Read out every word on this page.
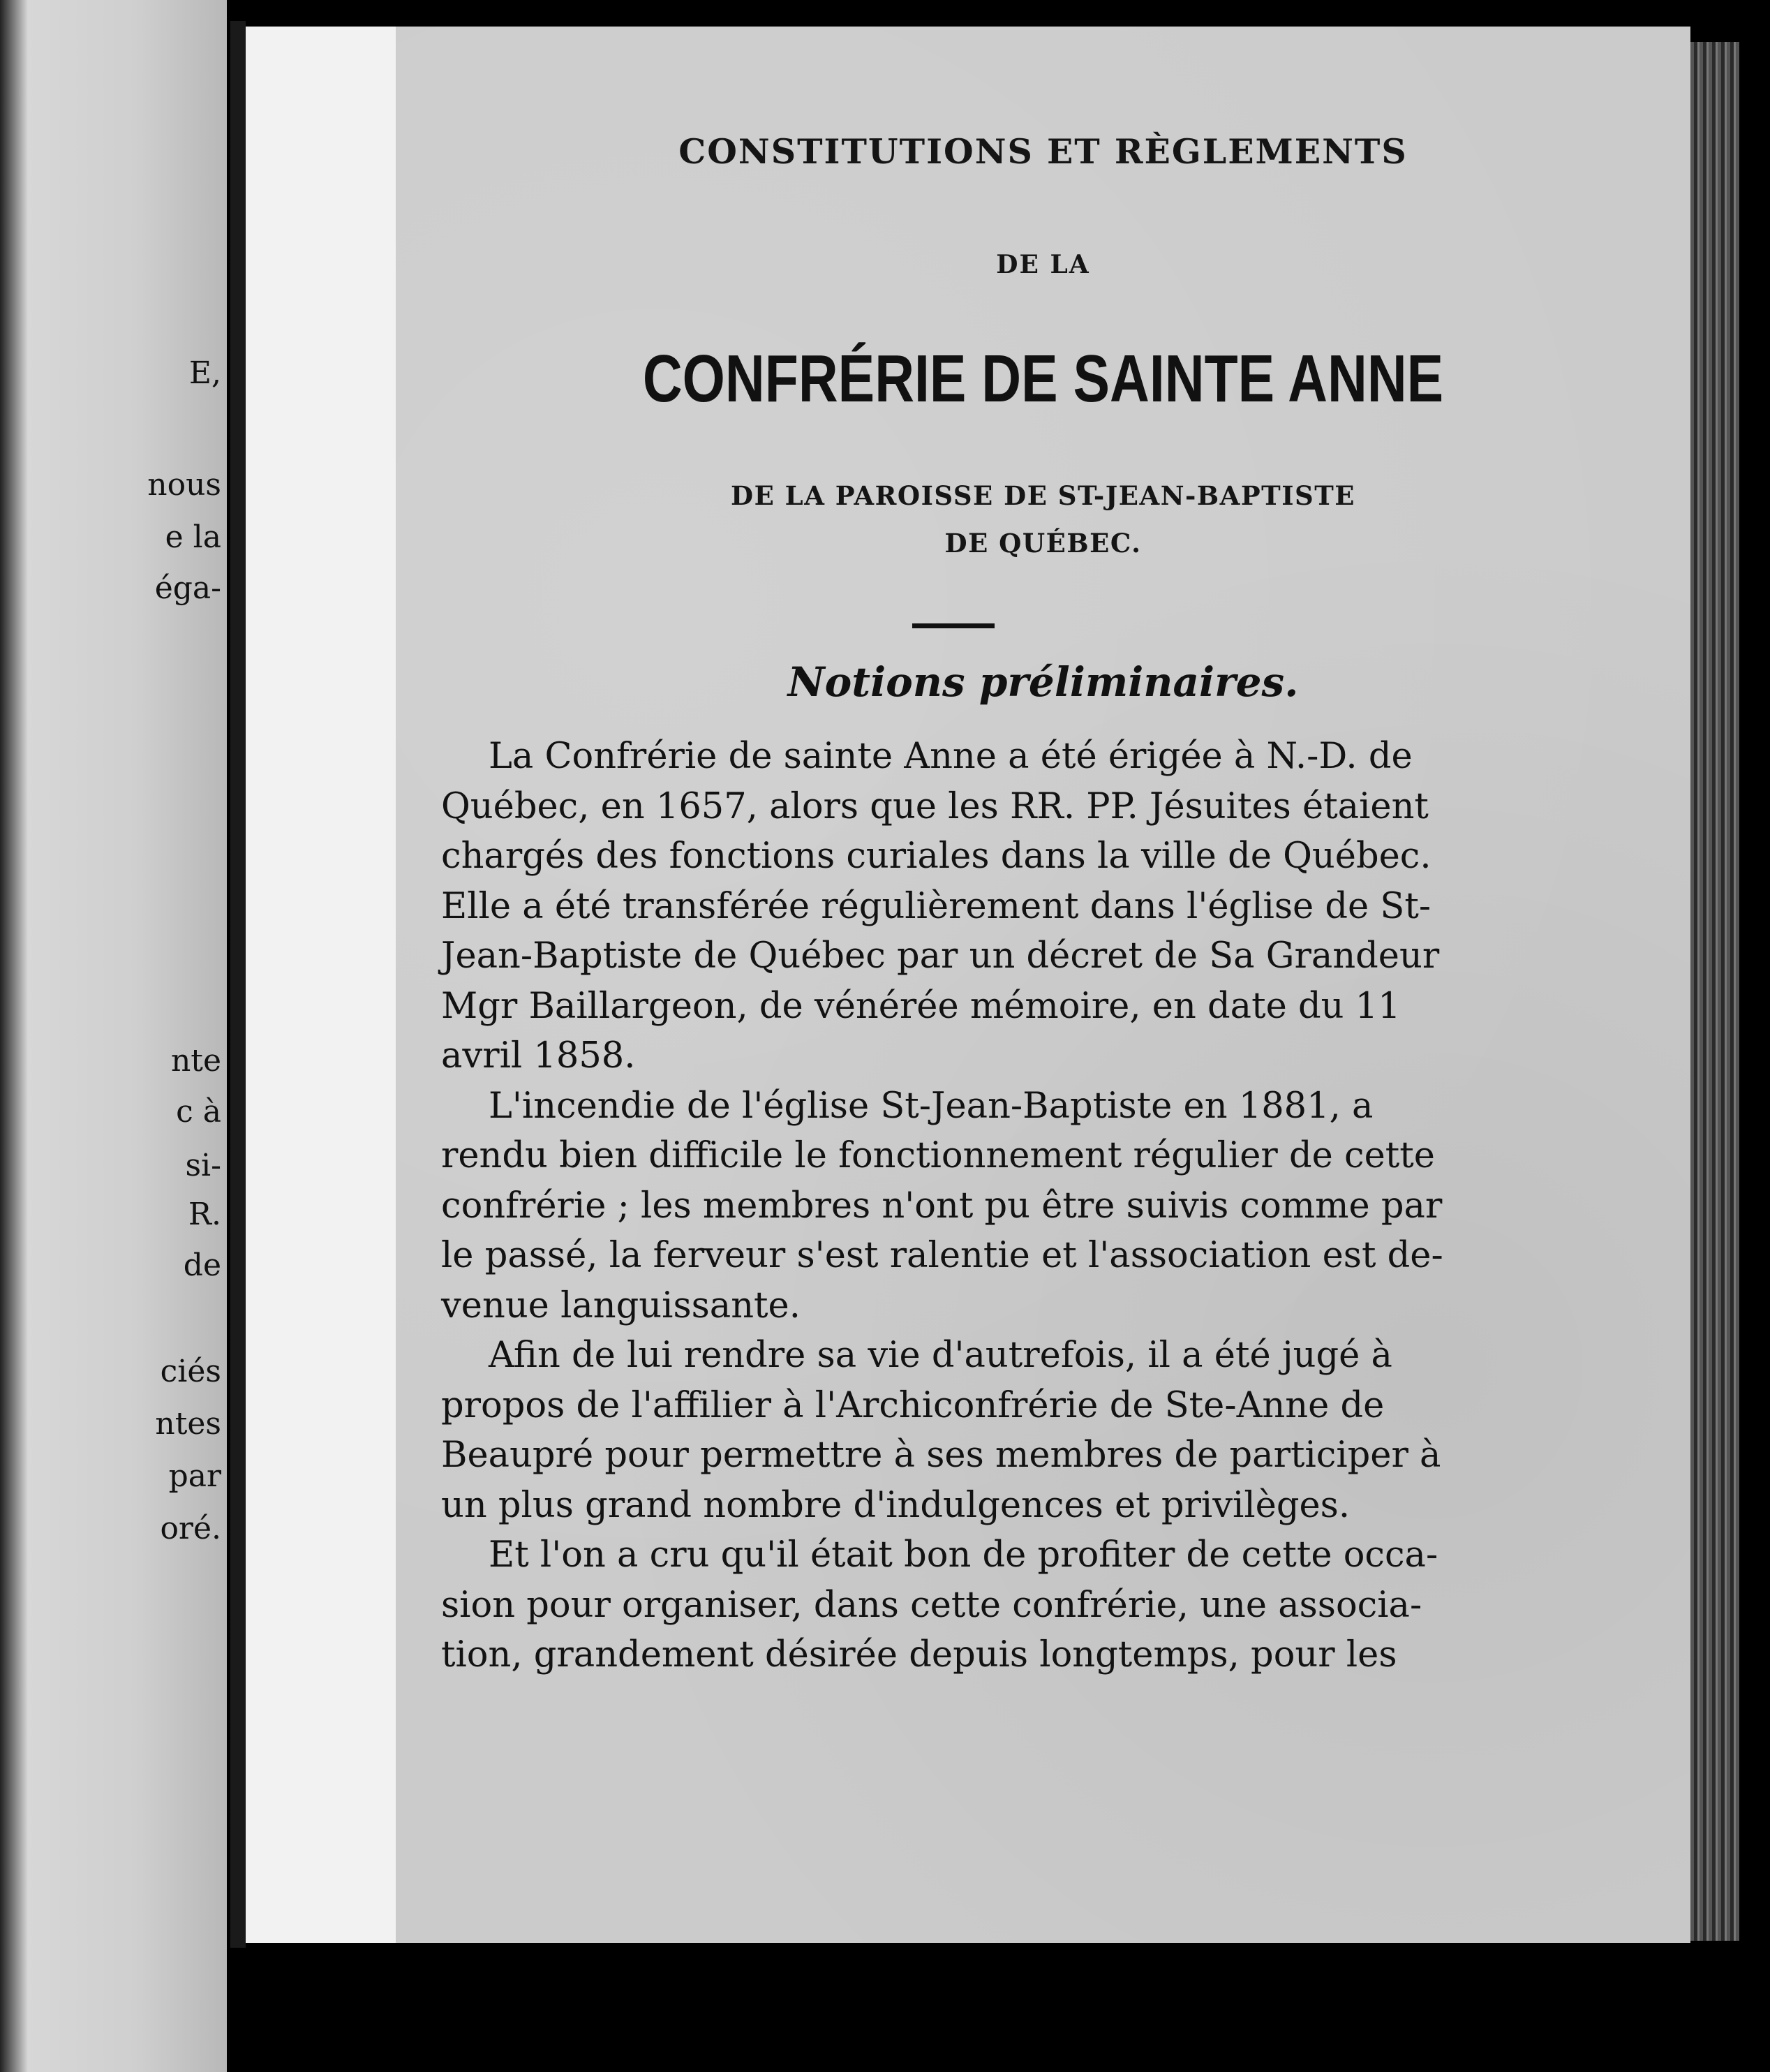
E,
nous
e la
éga-
nte
c à
si-
R.
de
ciés
ntes
par
oré.
CONSTITUTIONS ET RÈGLEMENTS
DE LA
CONFRÉRIE DE SAINTE ANNE
DE LA PAROISSE DE ST-JEAN-BAPTISTE
DE QUÉBEC.
Notions préliminaires.
La Confrérie de sainte Anne a été érigée à N.-D. de
Québec, en 1657, alors que les RR. PP. Jésuites étaient
chargés des fonctions curiales dans la ville de Québec.
Elle a été transférée régulièrement dans l'église de St-
Jean-Baptiste de Québec par un décret de Sa Grandeur
Mgr Baillargeon, de vénérée mémoire, en date du 11
avril 1858.
L'incendie de l'église St-Jean-Baptiste en 1881, a
rendu bien difficile le fonctionnement régulier de cette
confrérie ; les membres n'ont pu être suivis comme par
le passé, la ferveur s'est ralentie et l'association est de-
venue languissante.
Afin de lui rendre sa vie d'autrefois, il a été jugé à
propos de l'affilier à l'Archiconfrérie de Ste-Anne de
Beaupré pour permettre à ses membres de participer à
un plus grand nombre d'indulgences et privilèges.
Et l'on a cru qu'il était bon de profiter de cette occa-
sion pour organiser, dans cette confrérie, une associa-
tion, grandement désirée depuis longtemps, pour les
